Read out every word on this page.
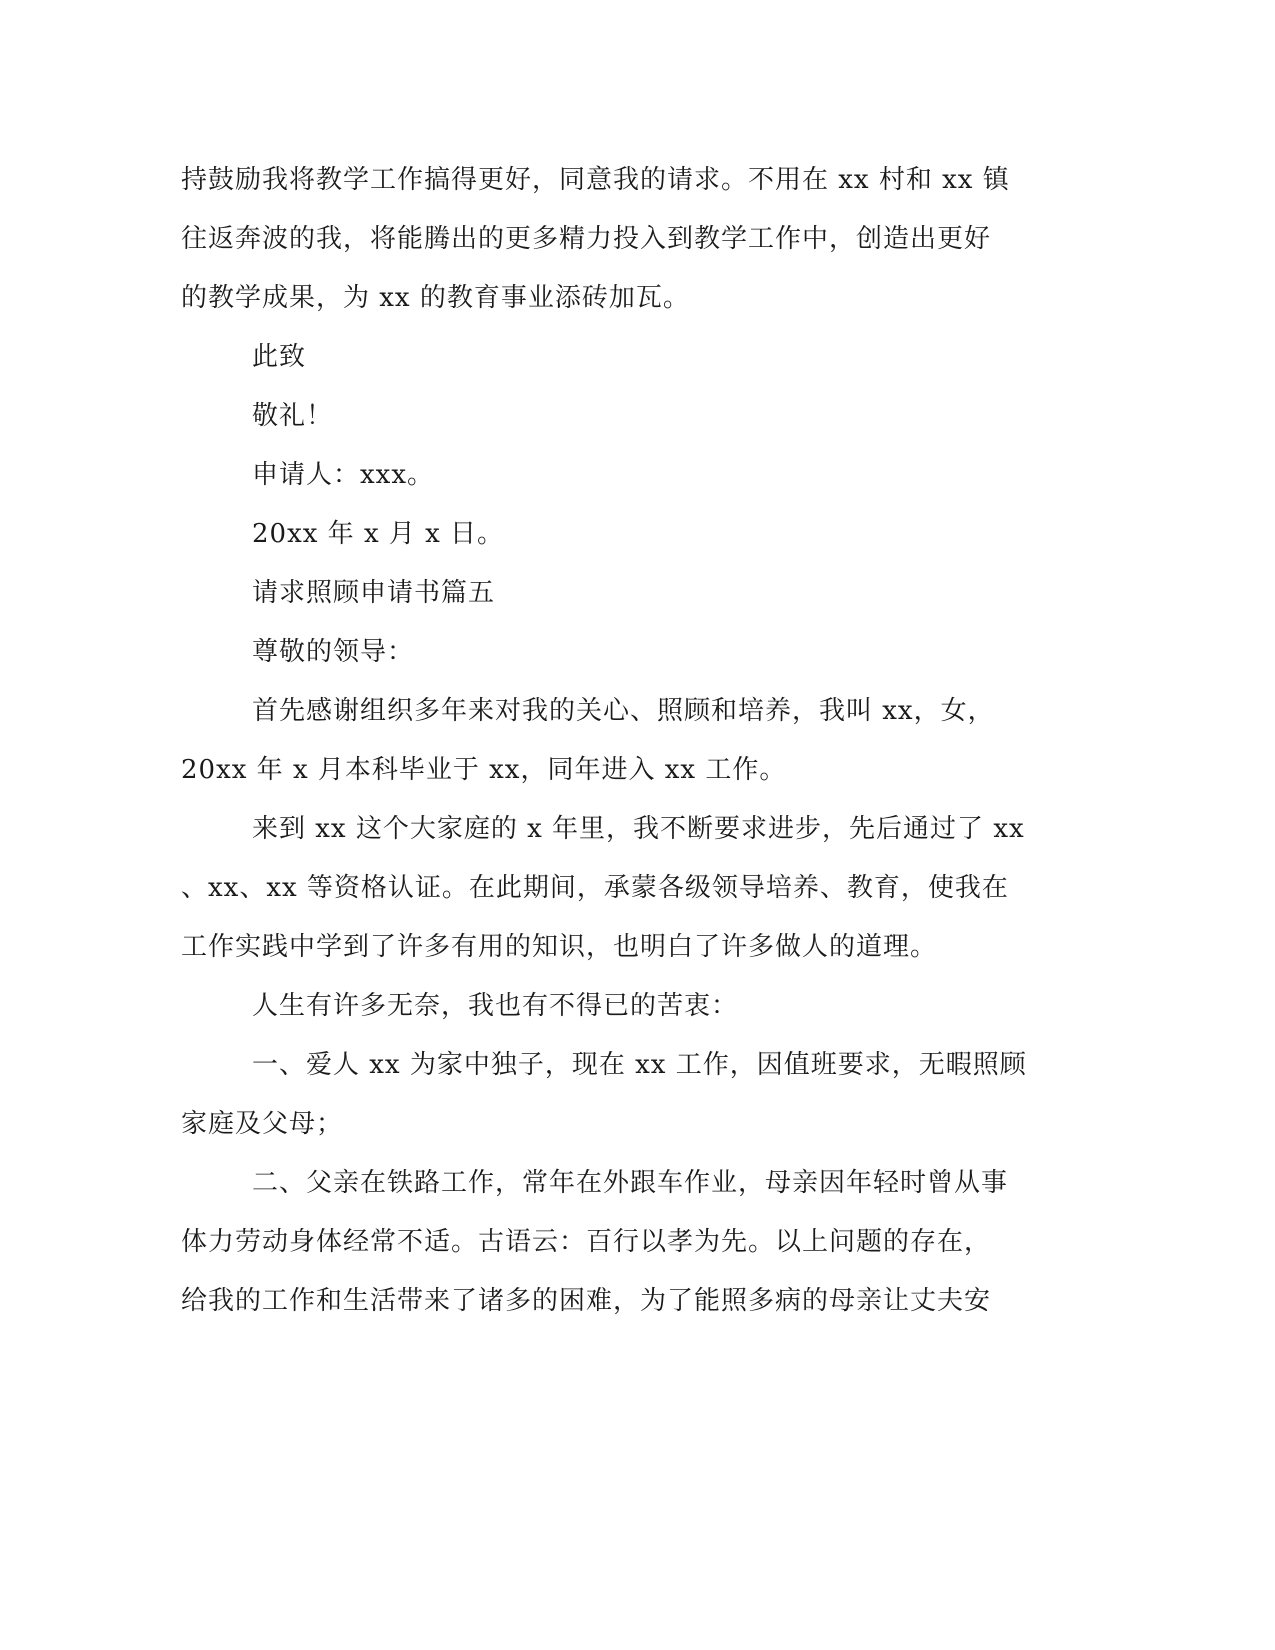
持鼓励我将教学工作搞得更好，同意我的请求。不用在 xx 村和 xx 镇
往返奔波的我，将能腾出的更多精力投入到教学工作中，创造出更好
的教学成果，为 xx 的教育事业添砖加瓦。
此致
敬礼！
申请人：xxx。
20xx 年 x 月 x 日。
请求照顾申请书篇五
尊敬的领导：
首先感谢组织多年来对我的关心、照顾和培养，我叫 xx，女，
20xx 年 x 月本科毕业于 xx，同年进入 xx 工作。
来到 xx 这个大家庭的 x 年里，我不断要求进步，先后通过了 xx
、xx、xx 等资格认证。在此期间，承蒙各级领导培养、教育，使我在
工作实践中学到了许多有用的知识，也明白了许多做人的道理。
人生有许多无奈，我也有不得已的苦衷：
一、爱人 xx 为家中独子，现在 xx 工作，因值班要求，无暇照顾
家庭及父母；
二、父亲在铁路工作，常年在外跟车作业，母亲因年轻时曾从事
体力劳动身体经常不适。古语云：百行以孝为先。以上问题的存在，
给我的工作和生活带来了诸多的困难，为了能照多病的母亲让丈夫安
